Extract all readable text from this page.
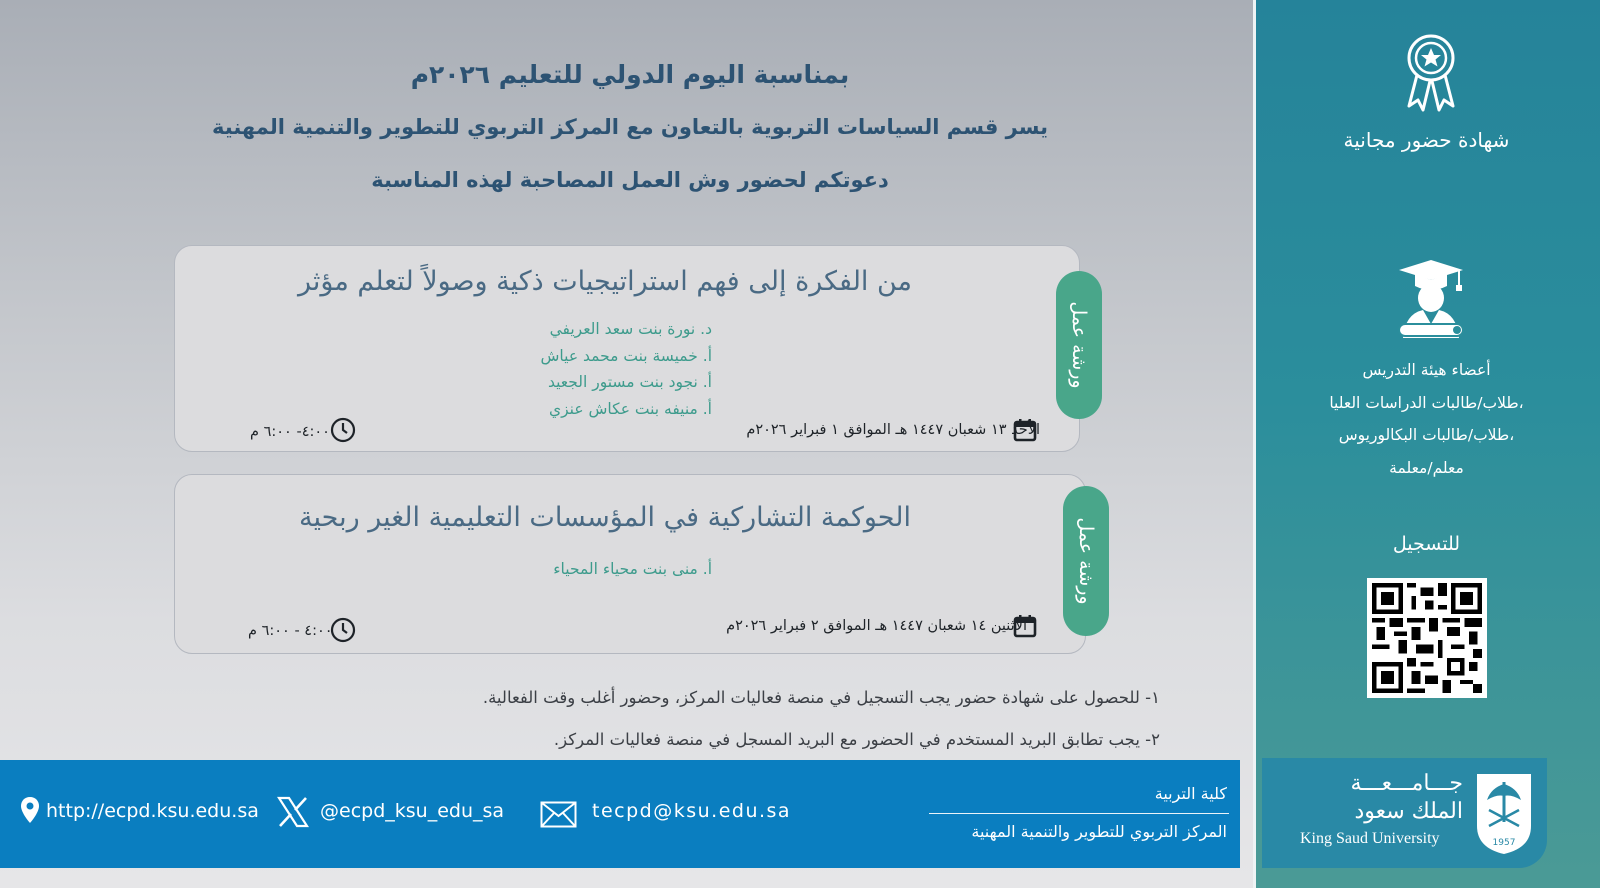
شهادة حضور مجانية
أعضاء هيئة التدريس
طلاب/طالبات الدراسات العليا،
طلاب/طالبات البكالوريوس،
معلم/معلمة
للتسجيل
جـــامـــعـــة
الملك سعود
King Saud University	1957
بمناسبة اليوم الدولي للتعليم ٢٠٢٦م
يسر قسم السياسات التربوية بالتعاون مع المركز التربوي للتطوير والتنمية المهنية
دعوتكم لحضور وش العمل المصاحبة لهذه المناسبة
ورشة عمل
من الفكرة إلى فهم استراتيجيات ذكية وصولاً لتعلم مؤثر
د. نورة بنت سعد العريفي
أ. خميسة بنت محمد عياش
أ. نجود بنت مستور الجعيد
أ. منيفه بنت عكاش عنزي
الأحد ١٣ شعبان ١٤٤٧ هـ الموافق ١ فبراير ٢٠٢٦م
٤:٠٠- ٦:٠٠ م
ورشة عمل
الحوكمة التشاركية في المؤسسات التعليمية الغير ربحية
أ. منى بنت محياء المحياء
الاثنين ١٤ شعبان ١٤٤٧ هـ الموافق ٢ فبراير ٢٠٢٦م
٤:٠٠ - ٦:٠٠ م
١- للحصول على شهادة حضور يجب التسجيل في منصة فعاليات المركز، وحضور أغلب وقت الفعالية.
٢- يجب تطابق البريد المستخدم في الحضور مع البريد المسجل في منصة فعاليات المركز.
http://ecpd.ksu.edu.sa	@ecpd_ksu_edu_sa	tecpd@ksu.edu.sa
كلية التربية
المركز التربوي للتطوير والتنمية المهنية
